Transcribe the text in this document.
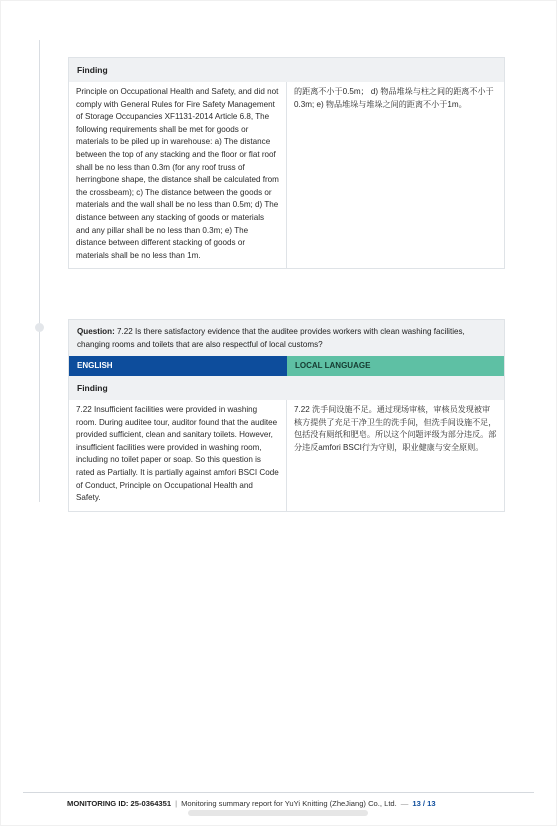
Finding
Principle on Occupational Health and Safety, and did not comply with General Rules for Fire Safety Management of Storage Occupancies XF1131-2014 Article 6.8, The following requirements shall be met for goods or materials to be piled up in warehouse: a) The distance between the top of any stacking and the floor or flat roof shall be no less than 0.3m (for any roof truss of herringbone shape, the distance shall be calculated from the crossbeam); c) The distance between the goods or materials and the wall shall be no less than 0.5m; d) The distance between any stacking of goods or materials and any pillar shall be no less than 0.3m; e) The distance between different stacking of goods or materials shall be no less than 1m.
的距离不小于0.5m； d) 物品堆垛与柱之间的距离不小于0.3m; e) 物品堆垛与堆垛之间的距离不小于1m。
Question: 7.22 Is there satisfactory evidence that the auditee provides workers with clean washing facilities, changing rooms and toilets that are also respectful of local customs?
ENGLISH	LOCAL LANGUAGE
Finding
7.22 Insufficient facilities were provided in washing room. During auditee tour, auditor found that the auditee provided sufficient, clean and sanitary toilets. However, insufficient facilities were provided in washing room, including no toilet paper or soap. So this question is rated as Partially. It is partially against amfori BSCI Code of Conduct, Principle on Occupational Health and Safety.
7.22 洗手间设施不足。通过现场审核，审核员发现被审核方提供了充足干净卫生的洗手间，但洗手间设施不足，包括没有厕纸和肥皂。所以这个问题评级为部分违反。部分违反amfori BSCI行为守则，职业健康与安全原则。
MONITORING ID: 25-0364351 | Monitoring summary report for YuYi Knitting (ZheJiang) Co., Ltd. — 13 / 13
